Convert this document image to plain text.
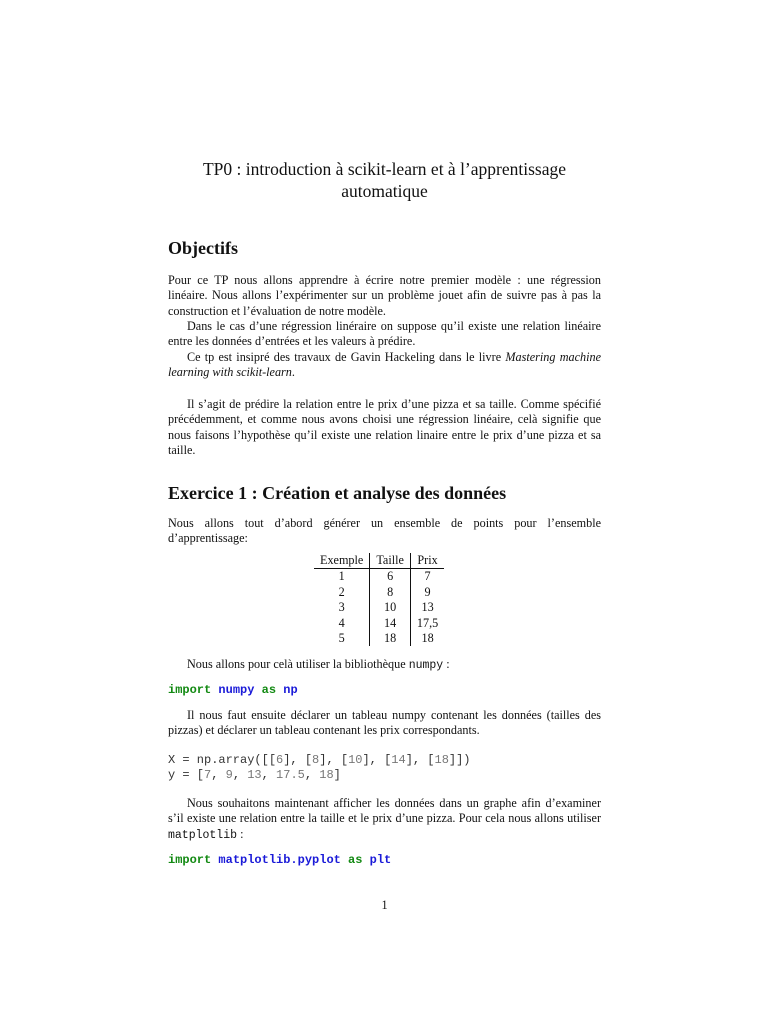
TP0 : introduction à scikit-learn et à l’apprentissage automatique
Objectifs

Pour ce TP nous allons apprendre à écrire notre premier modèle : une régression linéaire. Nous allons l’expérimenter sur un problème jouet afin de suivre pas à pas la construction et l’évaluation de notre modèle.

Dans le cas d’une régression linéraire on suppose qu’il existe une relation linéaire entre les données d’entrées et les valeurs à prédire.

Ce tp est insipré des travaux de Gavin Hackeling dans le livre Mastering machine learning with scikit-learn.

Il s’agit de prédire la relation entre le prix d’une pizza et sa taille. Comme spécifié précédemment, et comme nous avons choisi une régression linéaire, celà signifie que nous faisons l’hypothèse qu’il existe une relation linaire entre le prix d’une pizza et sa taille.

Exercice 1 : Création et analyse des données

Nous allons tout d’abord générer un ensemble de points pour l’ensemble d’apprentissage:

Exemple	Taille	Prix
1	6	7
2	8	9
3	10	13
4	14	17,5
5	18	18

Nous allons pour celà utiliser la bibliothèque numpy :

import numpy as np

Il nous faut ensuite déclarer un tableau numpy contenant les données (tailles des pizzas) et déclarer un tableau contenant les prix correspondants.

X = np.array([[6], [8], [10], [14], [18]])
y = [7, 9, 13, 17.5, 18]

Nous souhaitons maintenant afficher les données dans un graphe afin d’examiner s’il existe une relation entre la taille et le prix d’une pizza. Pour cela nous allons utiliser matplotlib :

import matplotlib.pyplot as plt
1
